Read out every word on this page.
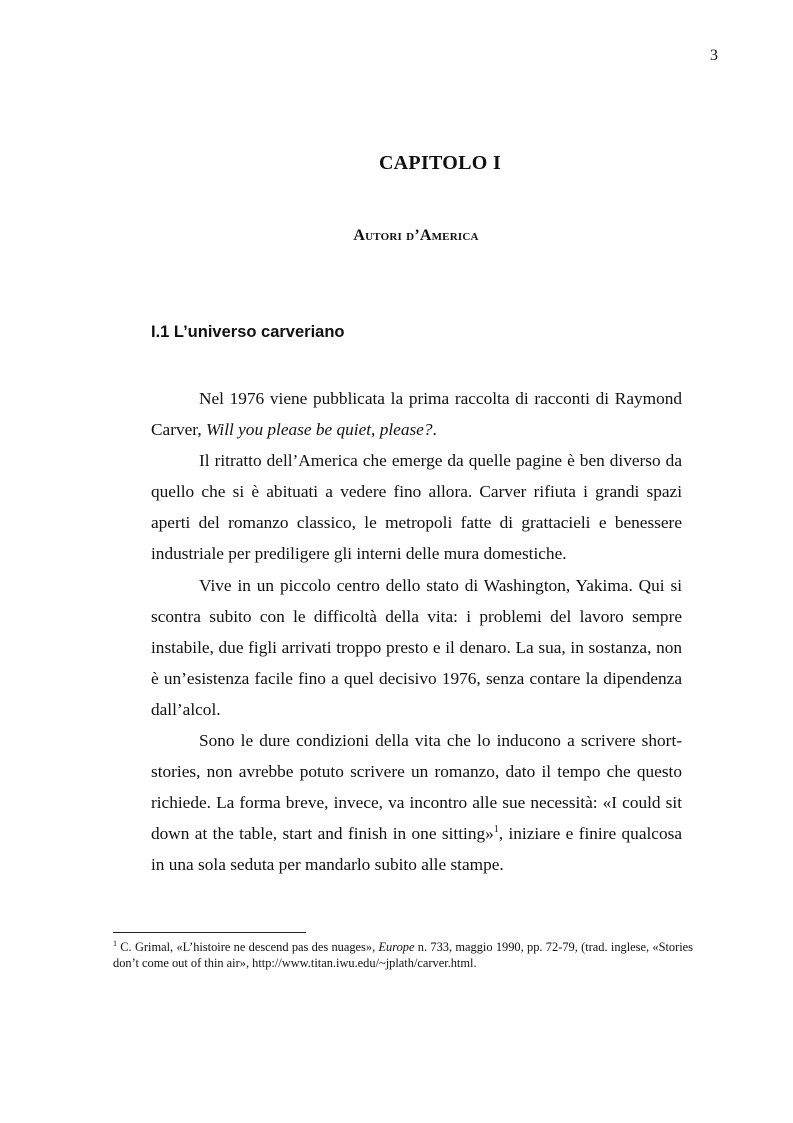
3
CAPITOLO I
Autori d’America
I.1 L’universo carveriano

Nel 1976 viene pubblicata la prima raccolta di racconti di Raymond Carver, Will you please be quiet, please?.

Il ritratto dell’America che emerge da quelle pagine è ben diverso da quello che si è abituati a vedere fino allora. Carver rifiuta i grandi spazi aperti del romanzo classico, le metropoli fatte di grattacieli e benessere industriale per prediligere gli interni delle mura domestiche.

Vive in un piccolo centro dello stato di Washington, Yakima. Qui si scontra subito con le difficoltà della vita: i problemi del lavoro sempre instabile, due figli arrivati troppo presto e il denaro. La sua, in sostanza, non è un’esistenza facile fino a quel decisivo 1976, senza contare la dipendenza dall’alcol.

Sono le dure condizioni della vita che lo inducono a scrivere short-stories, non avrebbe potuto scrivere un romanzo, dato il tempo che questo richiede. La forma breve, invece, va incontro alle sue necessità: «I could sit down at the table, start and finish in one sitting»$^1$, iniziare e finire qualcosa in una sola seduta per mandarlo subito alle stampe.

$^1$ C. Grimal, «L’histoire ne descend pas des nuages», Europe n. 733, maggio 1990, pp. 72-79, (trad. inglese, «Stories don’t come out of thin air», http://www.titan.iwu.edu/~jplath/carver.html.
